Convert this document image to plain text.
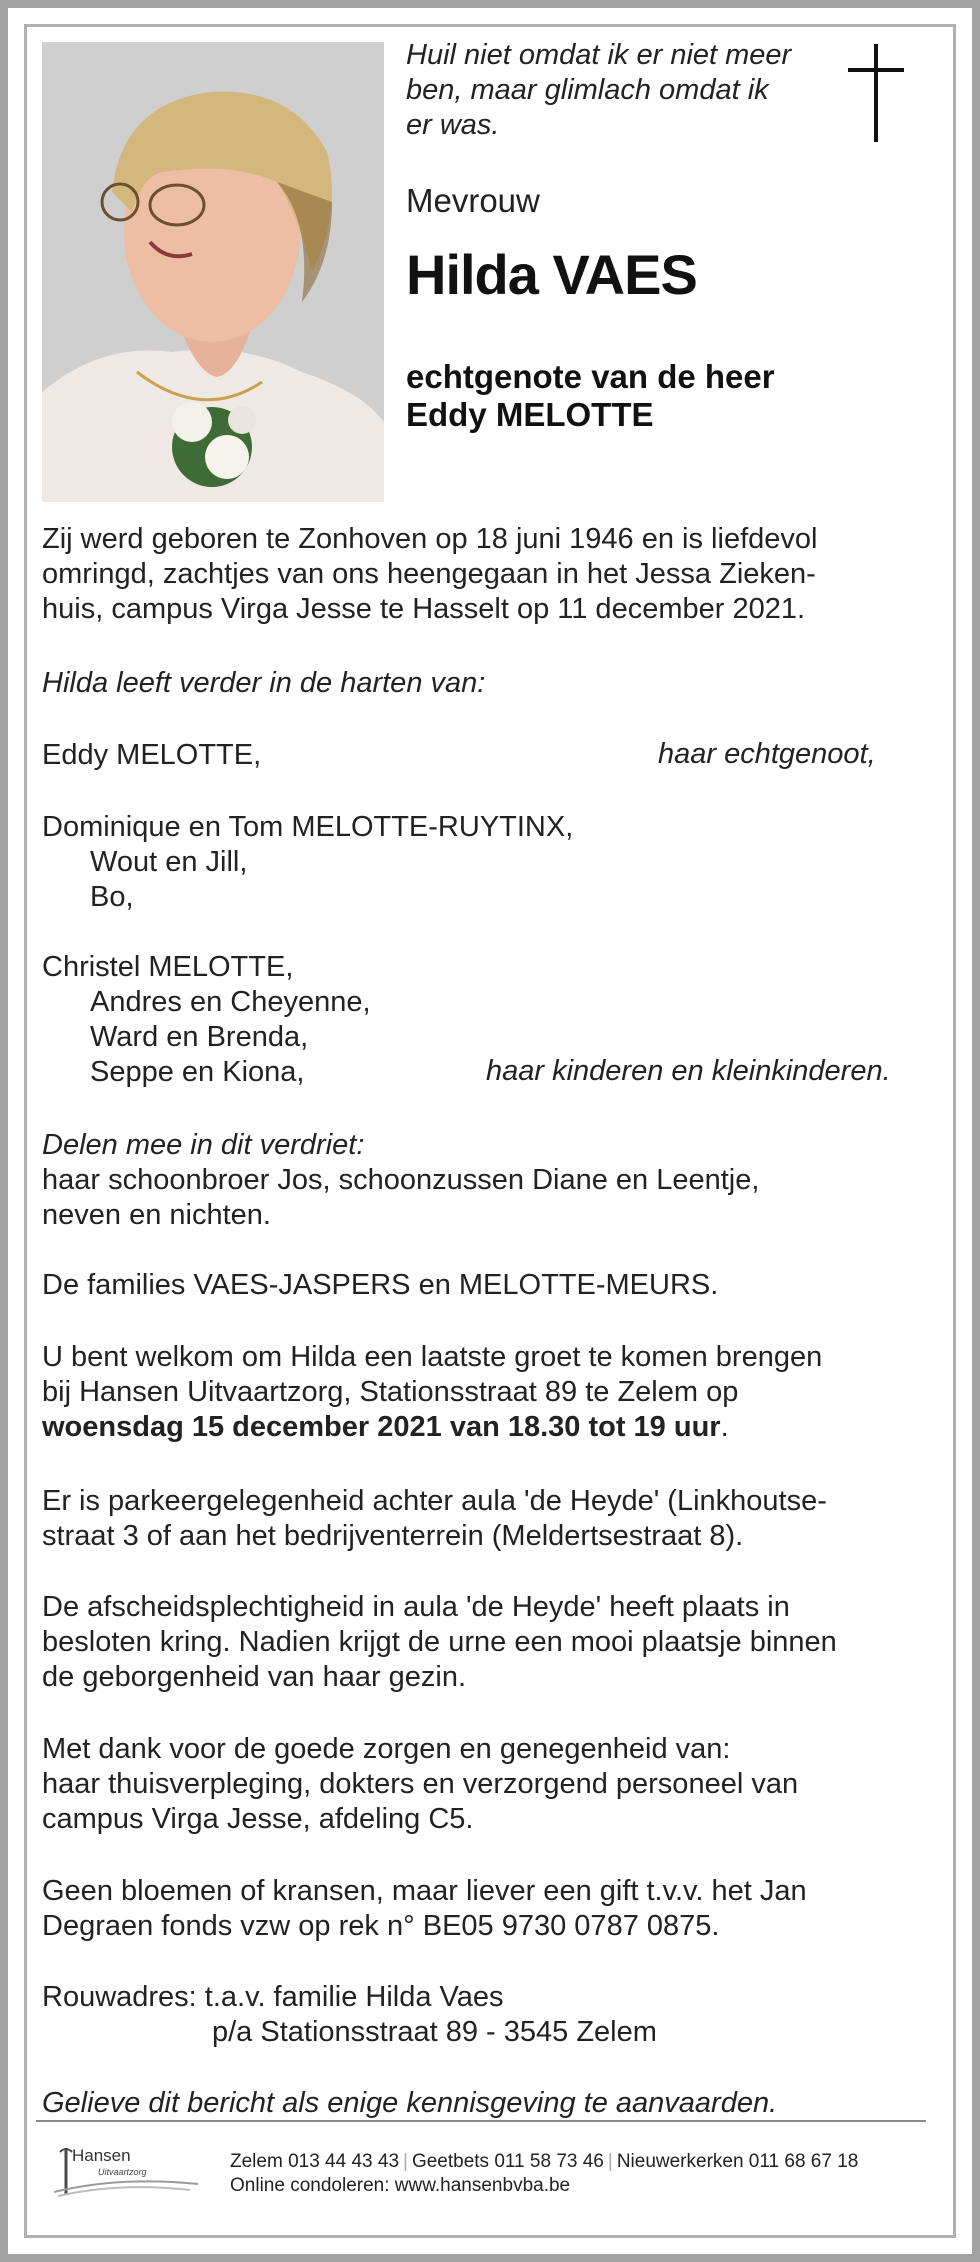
Huil niet omdat ik er niet meer
ben, maar glimlach omdat ik
er was.
Mevrouw
Hilda VAES
echtgenote van de heer
Eddy MELOTTE
Zij werd geboren te Zonhoven op 18 juni 1946 en is liefdevol
omringd, zachtjes van ons heengegaan in het Jessa Zieken-
huis, campus Virga Jesse te Hasselt op 11 december 2021.
Hilda leeft verder in de harten van:
Eddy MELOTTE,	haar echtgenoot,
Dominique en Tom MELOTTE-RUYTINX,
Wout en Jill,
Bo,
Christel MELOTTE,
Andres en Cheyenne,
Ward en Brenda,
Seppe en Kiona,	haar kinderen en kleinkinderen.
Delen mee in dit verdriet:
haar schoonbroer Jos, schoonzussen Diane en Leentje,
neven en nichten.
De families VAES-JASPERS en MELOTTE-MEURS.
U bent welkom om Hilda een laatste groet te komen brengen
bij Hansen Uitvaartzorg, Stationsstraat 89 te Zelem op
woensdag 15 december 2021 van 18.30 tot 19 uur.
Er is parkeergelegenheid achter aula 'de Heyde' (Linkhoutse-
straat 3 of aan het bedrijventerrein (Meldertsestraat 8).
De afscheidsplechtigheid in aula 'de Heyde' heeft plaats in
besloten kring. Nadien krijgt de urne een mooi plaatsje binnen
de geborgenheid van haar gezin.
Met dank voor de goede zorgen en genegenheid van:
haar thuisverpleging, dokters en verzorgend personeel van
campus Virga Jesse, afdeling C5.
Geen bloemen of kransen, maar liever een gift t.v.v. het Jan
Degraen fonds vzw op rek n° BE05 9730 0787 0875.
Rouwadres: t.a.v. familie Hilda Vaes
p/a Stationsstraat 89 - 3545 Zelem
Gelieve dit bericht als enige kennisgeving te aanvaarden.
Hansen
Uitvaartzorg	Zelem 013 44 43 43 | Geetbets 011 58 73 46 | Nieuwerkerken 011 68 67 18
Online condoleren: www.hansenbvba.be
